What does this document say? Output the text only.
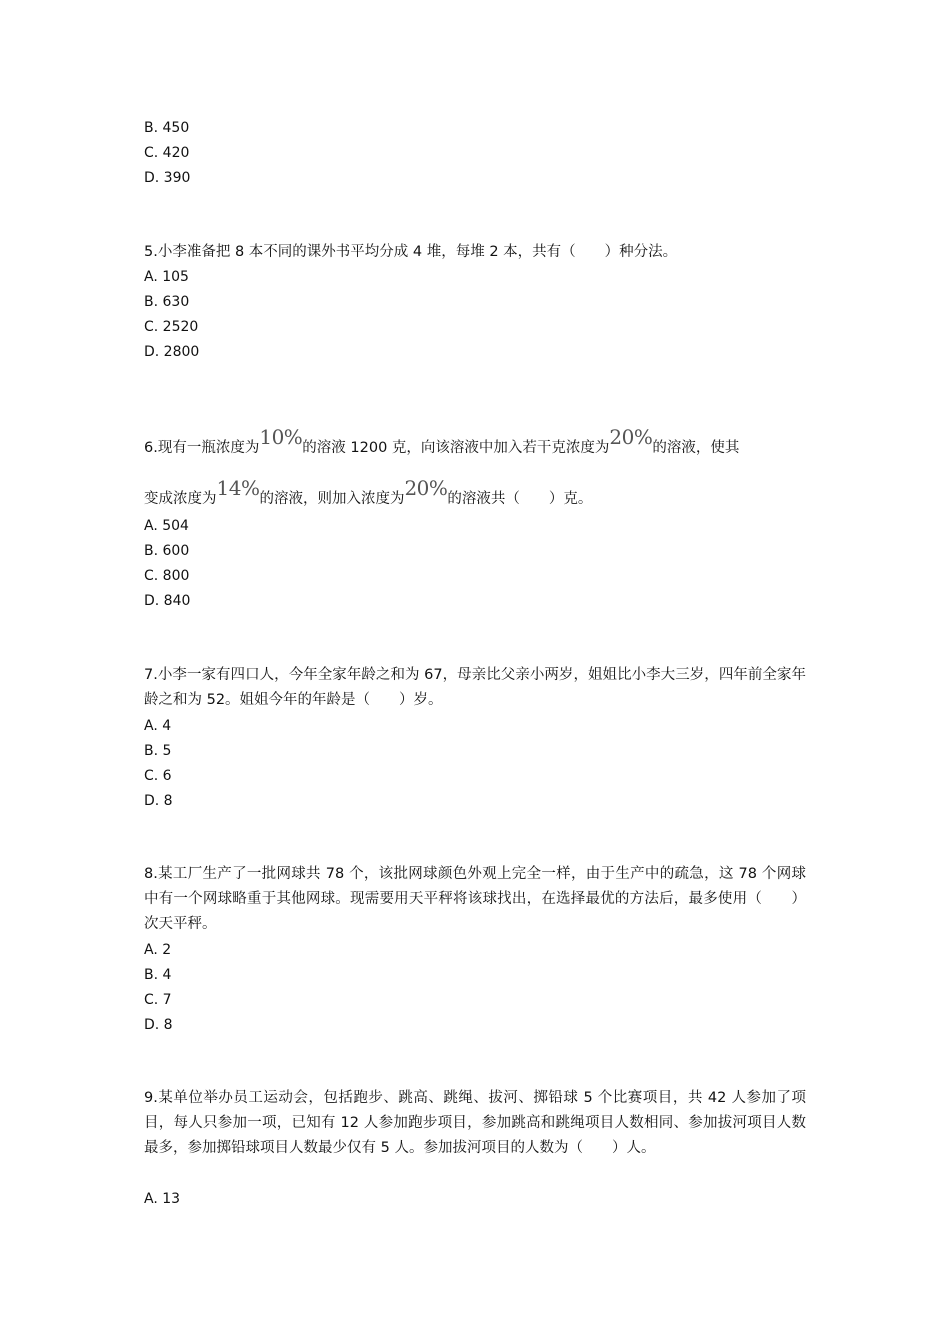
B. 450
C. 420
D. 390
5.小李准备把 8 本不同的课外书平均分成 4 堆，每堆 2 本，共有（　　）种分法。
A. 105
B. 630
C. 2520
D. 2800
6.现有一瓶浓度为10%的溶液 1200 克，向该溶液中加入若干克浓度为20%的溶液，使其
变成浓度为14%的溶液，则加入浓度为20%的溶液共（　　）克。
A. 504
B. 600
C. 800
D. 840
7.小李一家有四口人，今年全家年龄之和为 67，母亲比父亲小两岁，姐姐比小李大三岁，四年前全家年龄之和为 52。姐姐今年的年龄是（　　）岁。
A. 4
B. 5
C. 6
D. 8
8.某工厂生产了一批网球共 78 个，该批网球颜色外观上完全一样，由于生产中的疏急，这 78 个网球中有一个网球略重于其他网球。现需要用天平秤将该球找出，在选择最优的方法后，最多使用（　　）次天平秤。
A. 2
B. 4
C. 7
D. 8
9.某单位举办员工运动会，包括跑步、跳高、跳绳、拔河、掷铅球 5 个比赛项目，共 42 人参加了项目，每人只参加一项，已知有 12 人参加跑步项目，参加跳高和跳绳项目人数相同、参加拔河项目人数最多，参加掷铅球项目人数最少仅有 5 人。参加拔河项目的人数为（　　）人。
A. 13
